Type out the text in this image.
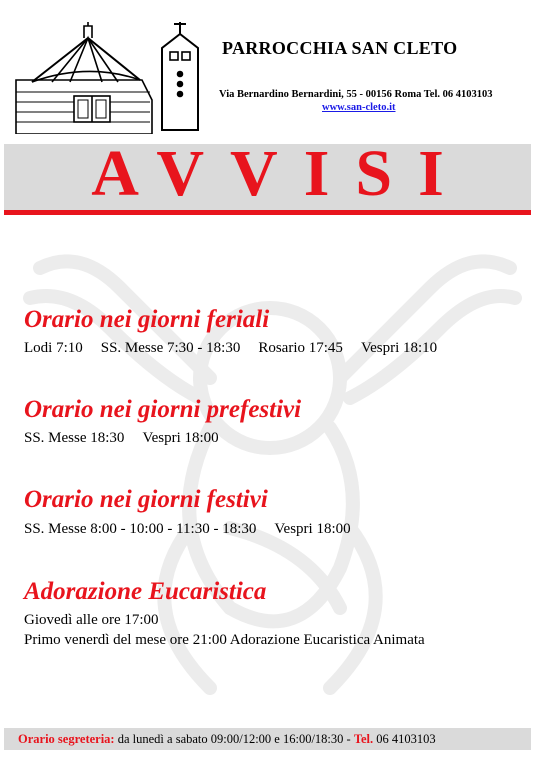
PARROCCHIA SAN CLETO
Via Bernardino Bernardini, 55 - 00156 Roma Tel. 06 4103103
www.san-cleto.it
AVVISI
Orario nei giorni feriali
Lodi 7:10 SS. Messe 7:30 - 18:30 Rosario 17:45 Vespri 18:10
Orario nei giorni prefestivi
SS. Messe 18:30 Vespri 18:00
Orario nei giorni festivi
SS. Messe 8:00 - 10:00 - 11:30 - 18:30 Vespri 18:00
Adorazione Eucaristica
Giovedì alle ore 17:00
Primo venerdì del mese ore 21:00 Adorazione Eucaristica Animata
Orario segreteria: da lunedì a sabato 09:00/12:00 e 16:00/18:30 - Tel. 06 4103103
